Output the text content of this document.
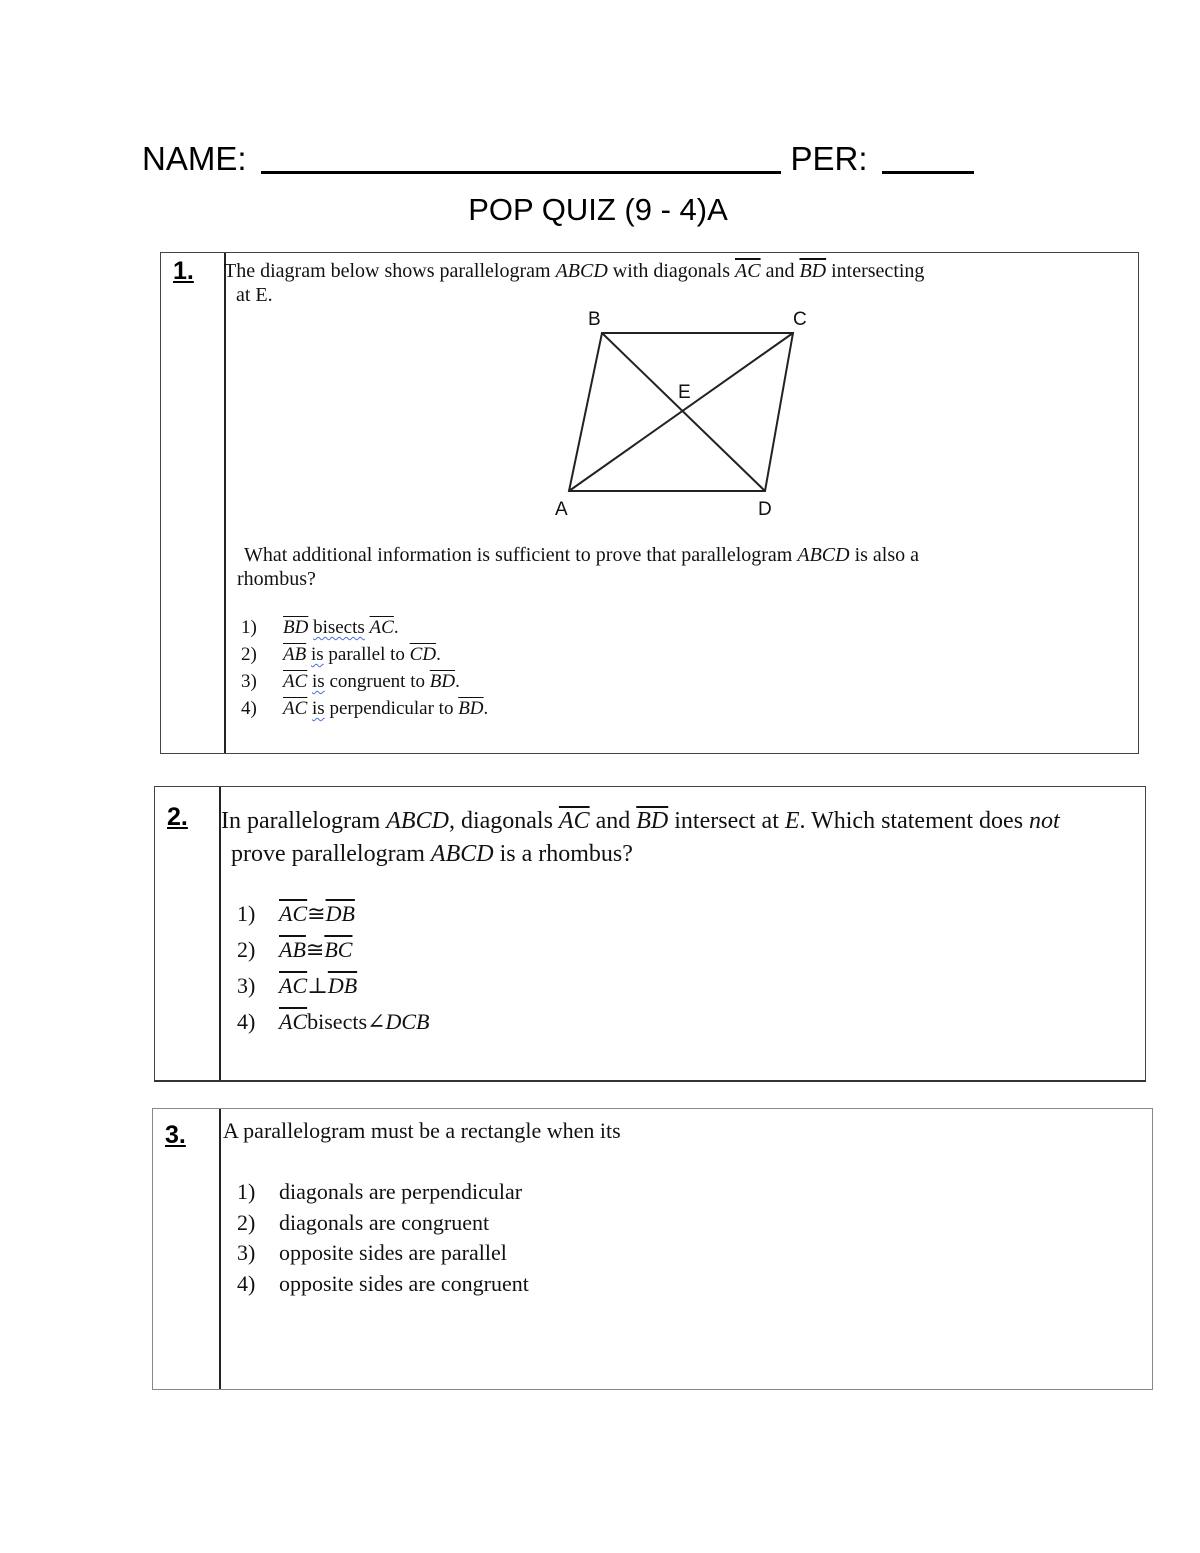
NAME:	PER:
POP QUIZ (9 - 4)A
1. The diagram below shows parallelogram ABCD with diagonals $\overline{AC}$ and $\overline{BD}$ intersecting
at E.
B	C
E
A	D
What additional information is sufficient to prove that parallelogram ABCD is also a
rhombus?
1)	$\overline{BD}$
bisects
$\overline{AC}$ .
2)	$\overline{AB}$
is
parallel to
$\overline{CD}$ .
3)	$\overline{AC}$
is
congruent to
$\overline{BD}$ .
4)	$\overline{AC}$
is
perpendicular to
$\overline{BD}$ .
2. In parallelogram ABCD, diagonals $\overline{AC}$ and $\overline{BD}$ intersect at E. Which statement does not
prove parallelogram ABCD is a rhombus?
1)	$\overline{AC}$ ≅ $\overline{DB}$
2)	$\overline{AB}$ ≅ $\overline{BC}$
3)	$\overline{AC}$ ⊥ $\overline{DB}$
4)	$\overline{AC}$ bisects ∠DCB
3. A parallelogram must be a rectangle when its
1)	diagonals are perpendicular
2)	diagonals are congruent
3)	opposite sides are parallel
4)	opposite sides are congruent
